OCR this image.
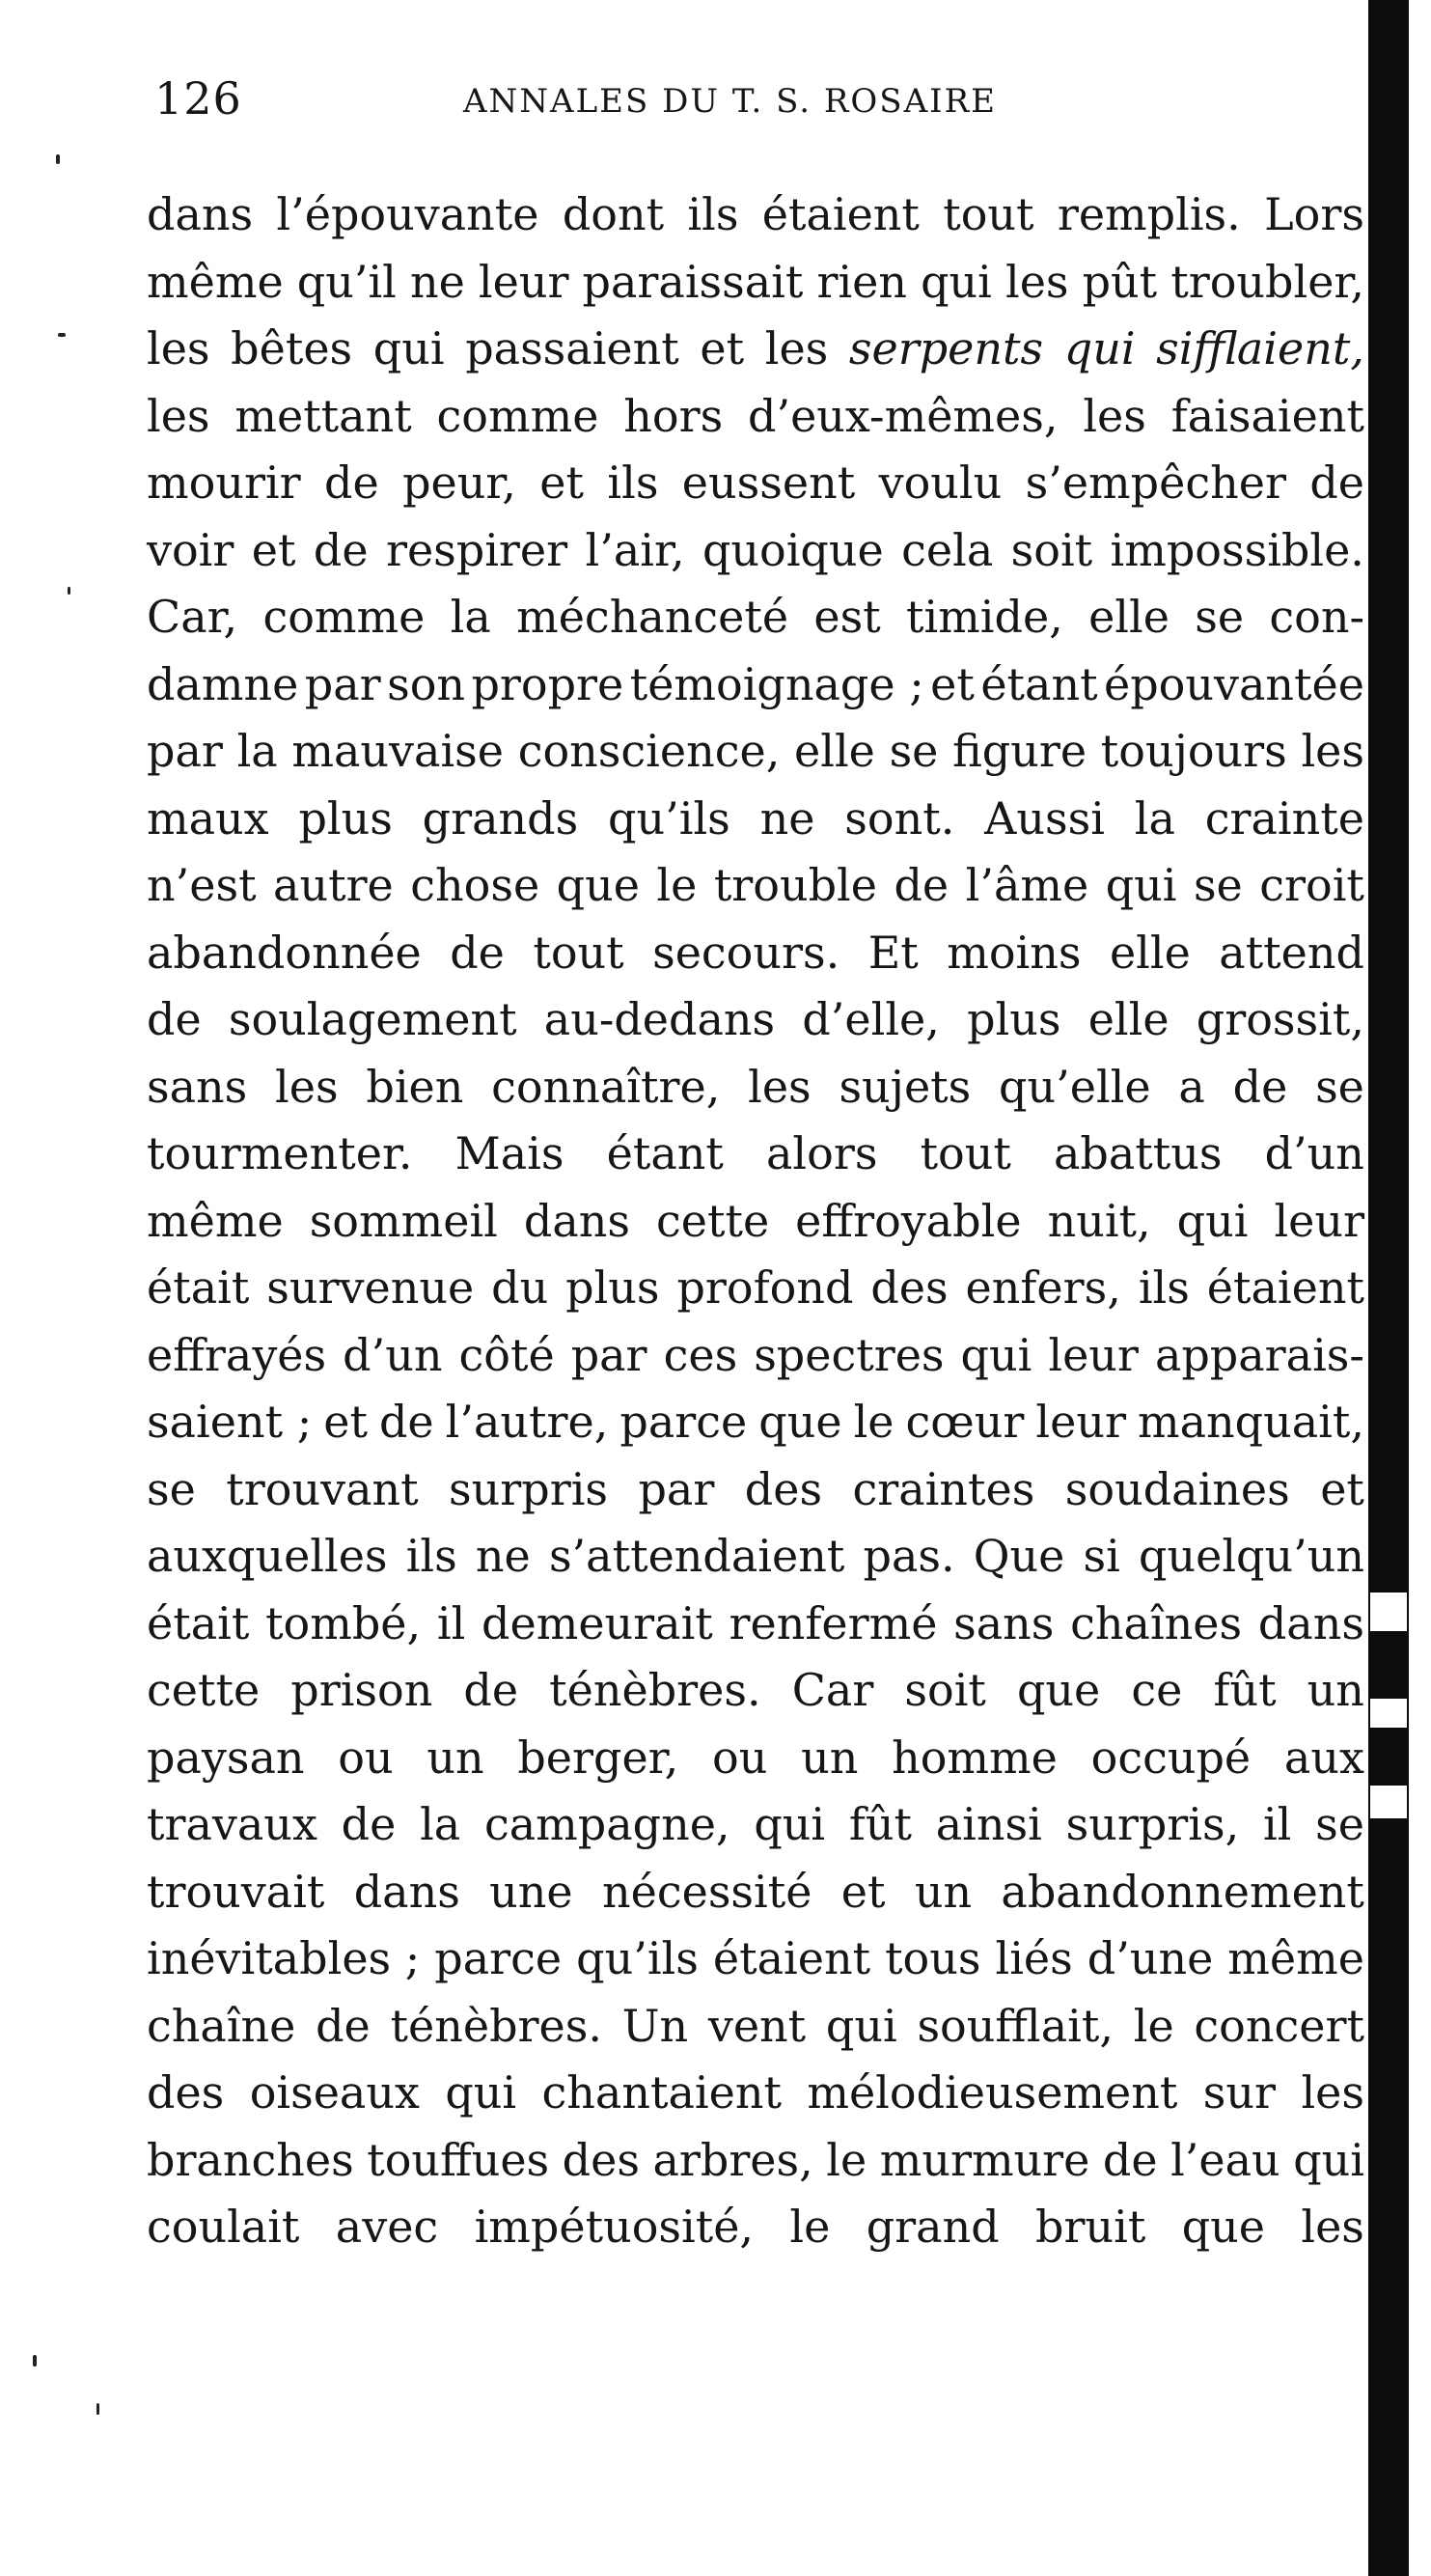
126	ANNALES DU T. S. ROSAIRE
dans l’épouvante dont ils étaient tout remplis. Lors
même qu’il ne leur paraissait rien qui les pût troubler,
les bêtes qui passaient et les serpents qui sifflaient,
les mettant comme hors d’eux-mêmes, les faisaient
mourir de peur, et ils eussent voulu s’empêcher de
voir et de respirer l’air, quoique cela soit impossible.
Car, comme la méchanceté est timide, elle se con-
damne par son propre témoignage ; et étant épouvantée
par la mauvaise conscience, elle se figure toujours les
maux plus grands qu’ils ne sont. Aussi la crainte
n’est autre chose que le trouble de l’âme qui se croit
abandonnée de tout secours. Et moins elle attend
de soulagement au-dedans d’elle, plus elle grossit,
sans les bien connaître, les sujets qu’elle a de se
tourmenter. Mais étant alors tout abattus d’un
même sommeil dans cette effroyable nuit, qui leur
était survenue du plus profond des enfers, ils étaient
effrayés d’un côté par ces spectres qui leur apparais-
saient ; et de l’autre, parce que le cœur leur manquait,
se trouvant surpris par des craintes soudaines et
auxquelles ils ne s’attendaient pas. Que si quelqu’un
était tombé, il demeurait renfermé sans chaînes dans
cette prison de ténèbres. Car soit que ce fût un
paysan ou un berger, ou un homme occupé aux
travaux de la campagne, qui fût ainsi surpris, il se
trouvait dans une nécessité et un abandonnement
inévitables ; parce qu’ils étaient tous liés d’une même
chaîne de ténèbres. Un vent qui soufflait, le concert
des oiseaux qui chantaient mélodieusement sur les
branches touffues des arbres, le murmure de l’eau qui
coulait avec impétuosité, le grand bruit que les
